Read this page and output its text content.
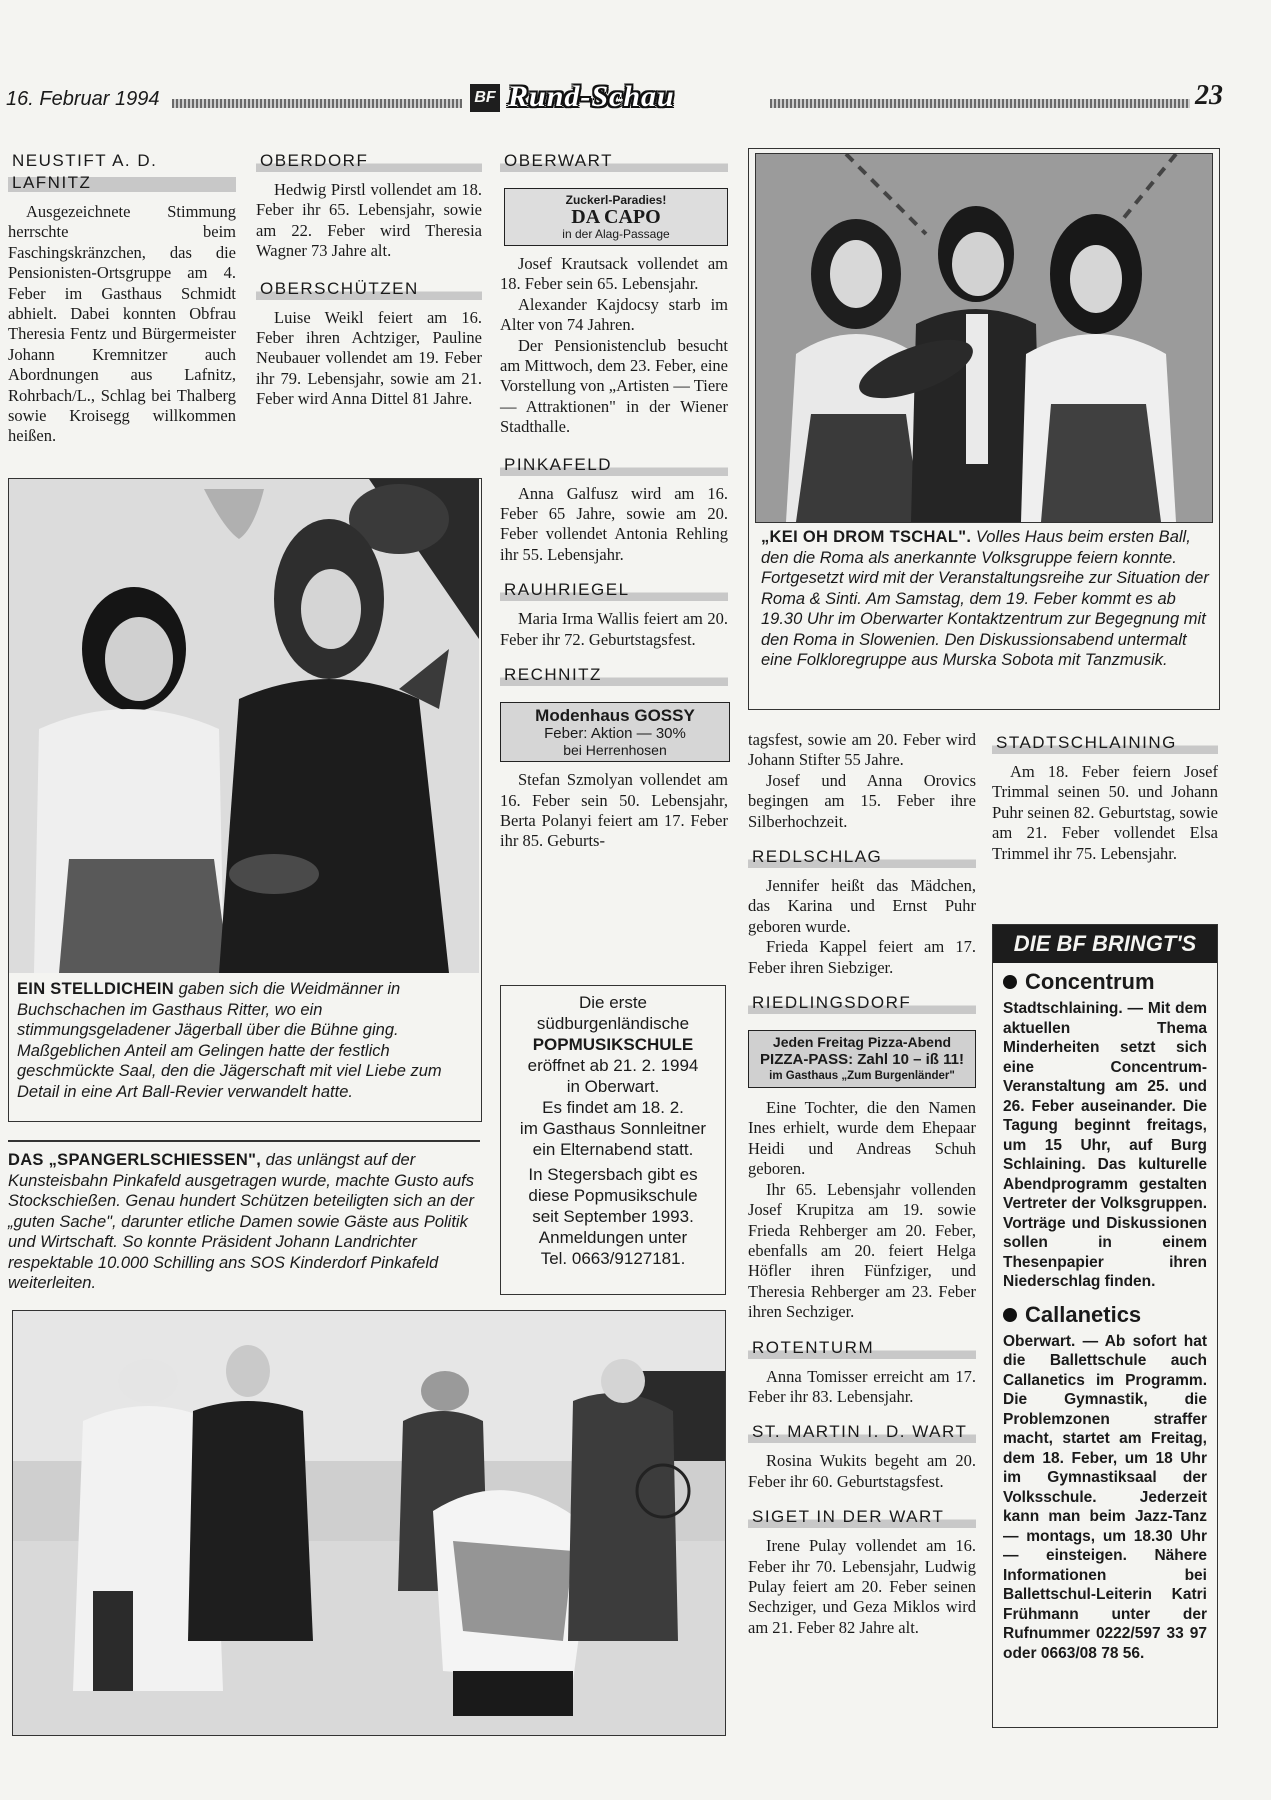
16. Februar 1994	BF Rund-Schau	23
NEUSTIFT A. D. LAFNITZ

Ausgezeichnete Stimmung herrschte beim Faschingskränzchen, das die Pensionisten-Ortsgruppe am 4. Feber im Gasthaus Schmidt abhielt. Dabei konnten Obfrau Theresia Fentz und Bürgermeister Johann Kremnitzer auch Abordnungen aus Lafnitz, Rohrbach/L., Schlag bei Thalberg sowie Kroisegg willkommen heißen.

OBERDORF

Hedwig Pirstl vollendet am 18. Feber ihr 65. Lebensjahr, sowie am 22. Feber wird Theresia Wagner 73 Jahre alt.

OBERSCHÜTZEN

Luise Weikl feiert am 16. Feber ihren Achtziger, Pauline Neubauer vollendet am 19. Feber ihr 79. Lebensjahr, sowie am 21. Feber wird Anna Dittel 81 Jahre.

OBERWART
Zuckerl-Paradies!
DA CAPO
in der Alag-Passage

Josef Krautsack vollendet am 18. Feber sein 65. Lebensjahr.

Alexander Kajdocsy starb im Alter von 74 Jahren.

Der Pensionistenclub besucht am Mittwoch, dem 23. Feber, eine Vorstellung von „Artisten — Tiere — Attraktionen" in der Wiener Stadthalle.

PINKAFELD

Anna Galfusz wird am 16. Feber 65 Jahre, sowie am 20. Feber vollendet Antonia Rehling ihr 55. Lebensjahr.

RAUHRIEGEL

Maria Irma Wallis feiert am 20. Feber ihr 72. Geburtstagsfest.

RECHNITZ
Modenhaus GOSSY
Feber: Aktion — 30%
bei Herrenhosen

Stefan Szmolyan vollendet am 16. Feber sein 50. Lebensjahr, Berta Polanyi feiert am 17. Feber ihr 85. Geburts-

Die erste
südburgenländische
POPMUSIKSCHULE
eröffnet ab 21. 2. 1994
in Oberwart.
Es findet am 18. 2.
im Gasthaus Sonnleitner
ein Elternabend statt.
In Stegersbach gibt es
diese Popmusikschule
seit September 1993.
Anmeldungen unter
Tel. 0663/9127181.

„KEI OH DROM TSCHAL". Volles Haus beim ersten Ball, den die Roma als anerkannte Volksgruppe feiern konnte. Fortgesetzt wird mit der Veranstaltungsreihe zur Situation der Roma & Sinti. Am Samstag, dem 19. Feber kommt es ab 19.30 Uhr im Oberwarter Kontaktzentrum zur Begegnung mit den Roma in Slowenien. Den Diskussionsabend untermalt eine Folkloregruppe aus Murska Sobota mit Tanzmusik.

EIN STELLDICHEIN gaben sich die Weidmänner in Buchschachen im Gasthaus Ritter, wo ein stimmungsgeladener Jägerball über die Bühne ging. Maßgeblichen Anteil am Gelingen hatte der festlich geschmückte Saal, den die Jägerschaft mit viel Liebe zum Detail in eine Art Ball-Revier verwandelt hatte.

DAS „SPANGERLSCHIESSEN", das unlängst auf der Kunsteisbahn Pinkafeld ausgetragen wurde, machte Gusto aufs Stockschießen. Genau hundert Schützen beteiligten sich an der „guten Sache", darunter etliche Damen sowie Gäste aus Politik und Wirtschaft. So konnte Präsident Johann Landrichter respektable 10.000 Schilling ans SOS Kinderdorf Pinkafeld weiterleiten.

tagsfest, sowie am 20. Feber wird Johann Stifter 55 Jahre.

Josef und Anna Orovics begingen am 15. Feber ihre Silberhochzeit.

REDLSCHLAG

Jennifer heißt das Mädchen, das Karina und Ernst Puhr geboren wurde.

Frieda Kappel feiert am 17. Feber ihren Siebziger.

RIEDLINGSDORF
Jeden Freitag Pizza-Abend
PIZZA-PASS: Zahl 10 – iß 11!
im Gasthaus „Zum Burgenländer"

Eine Tochter, die den Namen Ines erhielt, wurde dem Ehepaar Heidi und Andreas Schuh geboren.

Ihr 65. Lebensjahr vollenden Josef Krupitza am 19. sowie Frieda Rehberger am 20. Feber, ebenfalls am 20. feiert Helga Höfler ihren Fünfziger, und Theresia Rehberger am 23. Feber ihren Sechziger.

ROTENTURM

Anna Tomisser erreicht am 17. Feber ihr 83. Lebensjahr.

ST. MARTIN I. D. WART

Rosina Wukits begeht am 20. Feber ihr 60. Geburtstagsfest.

SIGET IN DER WART

Irene Pulay vollendet am 16. Feber ihr 70. Lebensjahr, Ludwig Pulay feiert am 20. Feber seinen Sechziger, und Geza Miklos wird am 21. Feber 82 Jahre alt.

STADTSCHLAINING

Am 18. Feber feiern Josef Trimmal seinen 50. und Johann Puhr seinen 82. Geburtstag, sowie am 21. Feber vollendet Elsa Trimmel ihr 75. Lebensjahr.

DIE BF BRINGT'S
Concentrum

Stadtschlaining. — Mit dem aktuellen Thema Minderheiten setzt sich eine Concentrum-Veranstaltung am 25. und 26. Feber auseinander. Die Tagung beginnt freitags, um 15 Uhr, auf Burg Schlaining. Das kulturelle Abendprogramm gestalten Vertreter der Volksgruppen. Vorträge und Diskussionen sollen in einem Thesenpapier ihren Niederschlag finden.

Callanetics

Oberwart. — Ab sofort hat die Ballettschule auch Callanetics im Programm. Die Gymnastik, die Problemzonen straffer macht, startet am Freitag, dem 18. Feber, um 18 Uhr im Gymnastiksaal der Volksschule. Jederzeit kann man beim Jazz-Tanz — montags, um 18.30 Uhr — einsteigen. Nähere Informationen bei Ballettschul-Leiterin Katri Frühmann unter der Rufnummer 0222/597 33 97 oder 0663/08 78 56.
